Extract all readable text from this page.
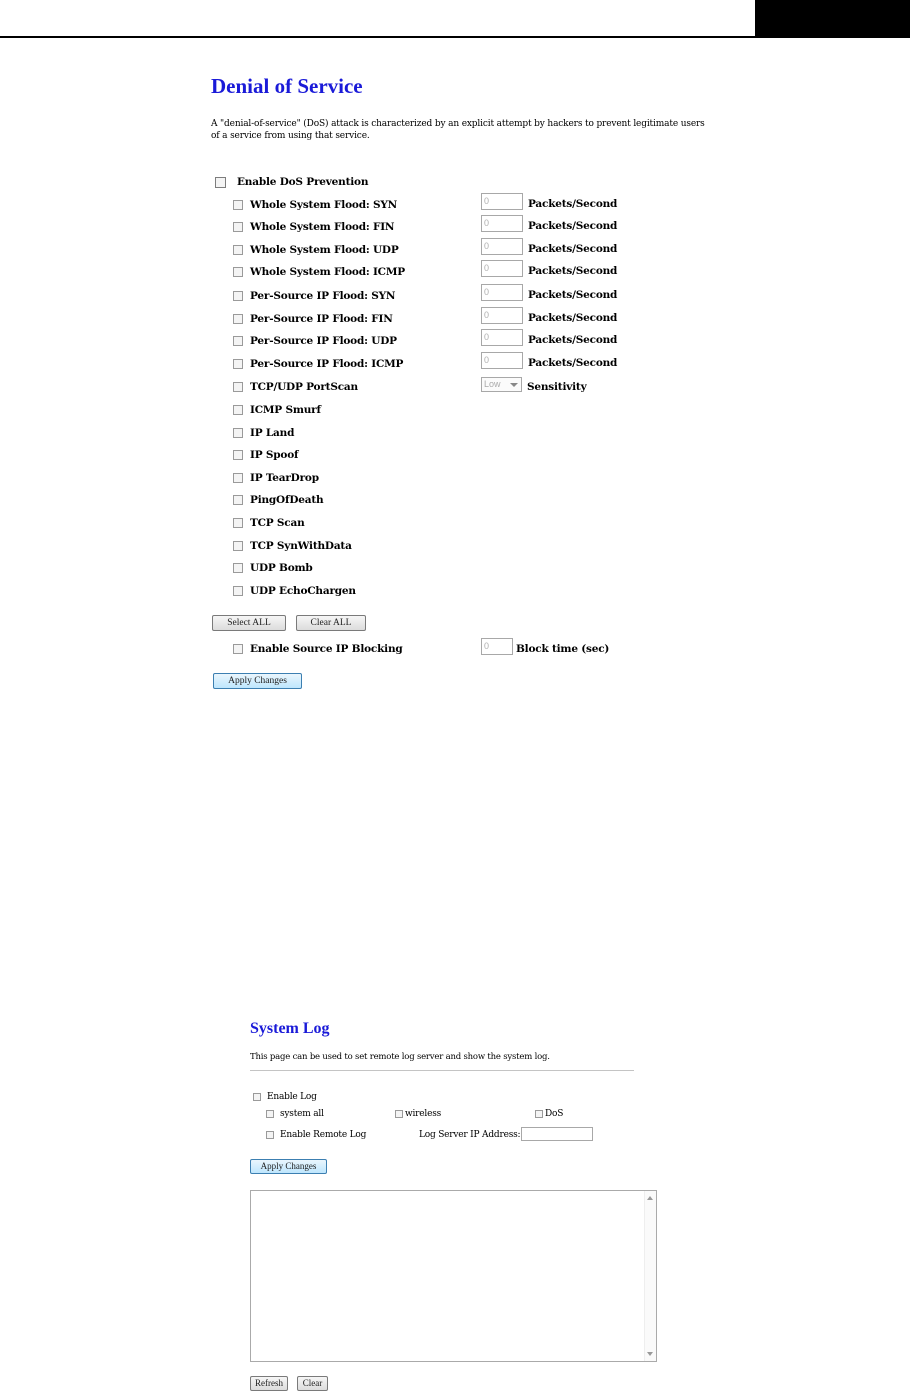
Denial of Service
A "denial-of-service" (DoS) attack is characterized by an explicit attempt by hackers to prevent legitimate users of a service from using that service.
Enable DoS Prevention
Whole System Flood: SYN	0	Packets/Second
Whole System Flood: FIN	0	Packets/Second
Whole System Flood: UDP	0	Packets/Second
Whole System Flood: ICMP	0	Packets/Second
Per-Source IP Flood: SYN	0	Packets/Second
Per-Source IP Flood: FIN	0	Packets/Second
Per-Source IP Flood: UDP	0	Packets/Second
Per-Source IP Flood: ICMP	0	Packets/Second
TCP/UDP PortScan	Low	Sensitivity
ICMP Smurf
IP Land
IP Spoof
IP TearDrop
PingOfDeath
TCP Scan
TCP SynWithData
UDP Bomb
UDP EchoChargen
Select ALL	Clear ALL
Enable Source IP Blocking	0	Block time (sec)
Apply Changes
System Log
This page can be used to set remote log server and show the system log.
Enable Log
system all	wireless	DoS
Enable Remote Log	Log Server IP Address:
Apply Changes
Refresh	Clear
